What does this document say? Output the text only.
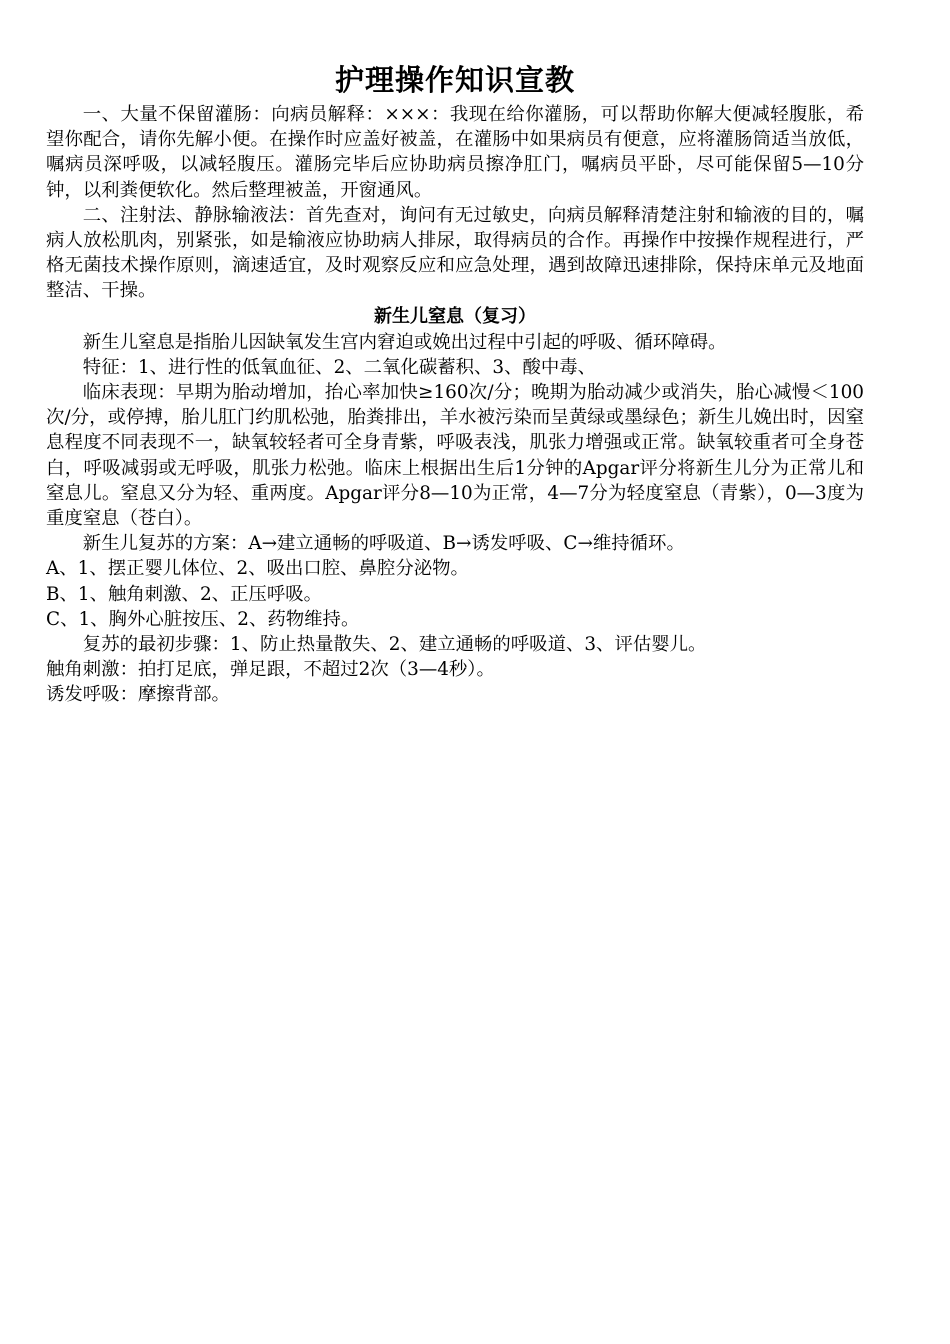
护理操作知识宣教

一、大量不保留灌肠：向病员解释：×××：我现在给你灌肠，可以帮助你解大便减轻腹胀，希望你配合，请你先解小便。在操作时应盖好被盖，在灌肠中如果病员有便意，应将灌肠筒适当放低，嘱病员深呼吸，以减轻腹压。灌肠完毕后应协助病员擦净肛门，嘱病员平卧，尽可能保留5—10分钟，以利粪便软化。然后整理被盖，开窗通风。

二、注射法、静脉输液法：首先查对，询问有无过敏史，向病员解释清楚注射和输液的目的，嘱病人放松肌肉，别紧张，如是输液应协助病人排尿，取得病员的合作。再操作中按操作规程进行，严格无菌技术操作原则，滴速适宜，及时观察反应和应急处理，遇到故障迅速排除，保持床单元及地面整洁、干操。

新生儿窒息（复习）

新生儿窒息是指胎儿因缺氧发生宫内窘迫或娩出过程中引起的呼吸、循环障碍。

特征：1、进行性的低氧血征、2、二氧化碳蓄积、3、酸中毒、

临床表现：早期为胎动增加，抬心率加快≥160次/分；晚期为胎动减少或消失，胎心减慢＜100次/分，或停搏，胎儿肛门约肌松弛，胎粪排出，羊水被污染而呈黄绿或墨绿色；新生儿娩出时，因窒息程度不同表现不一，缺氧较轻者可全身青紫，呼吸表浅，肌张力增强或正常。缺氧较重者可全身苍白，呼吸减弱或无呼吸，肌张力松弛。临床上根据出生后1分钟的Apgar评分将新生儿分为正常儿和窒息儿。窒息又分为轻、重两度。Apgar评分8—10为正常，4—7分为轻度窒息（青紫），0—3度为重度窒息（苍白）。

新生儿复苏的方案：A→建立通畅的呼吸道、B→诱发呼吸、C→维持循环。

A、1、摆正婴儿体位、2、吸出口腔、鼻腔分泌物。

B、1、触角刺激、2、正压呼吸。

C、1、胸外心脏按压、2、药物维持。

复苏的最初步骤：1、防止热量散失、2、建立通畅的呼吸道、3、评估婴儿。

触角刺激：拍打足底，弹足跟，不超过2次（3—4秒）。

诱发呼吸：摩擦背部。
